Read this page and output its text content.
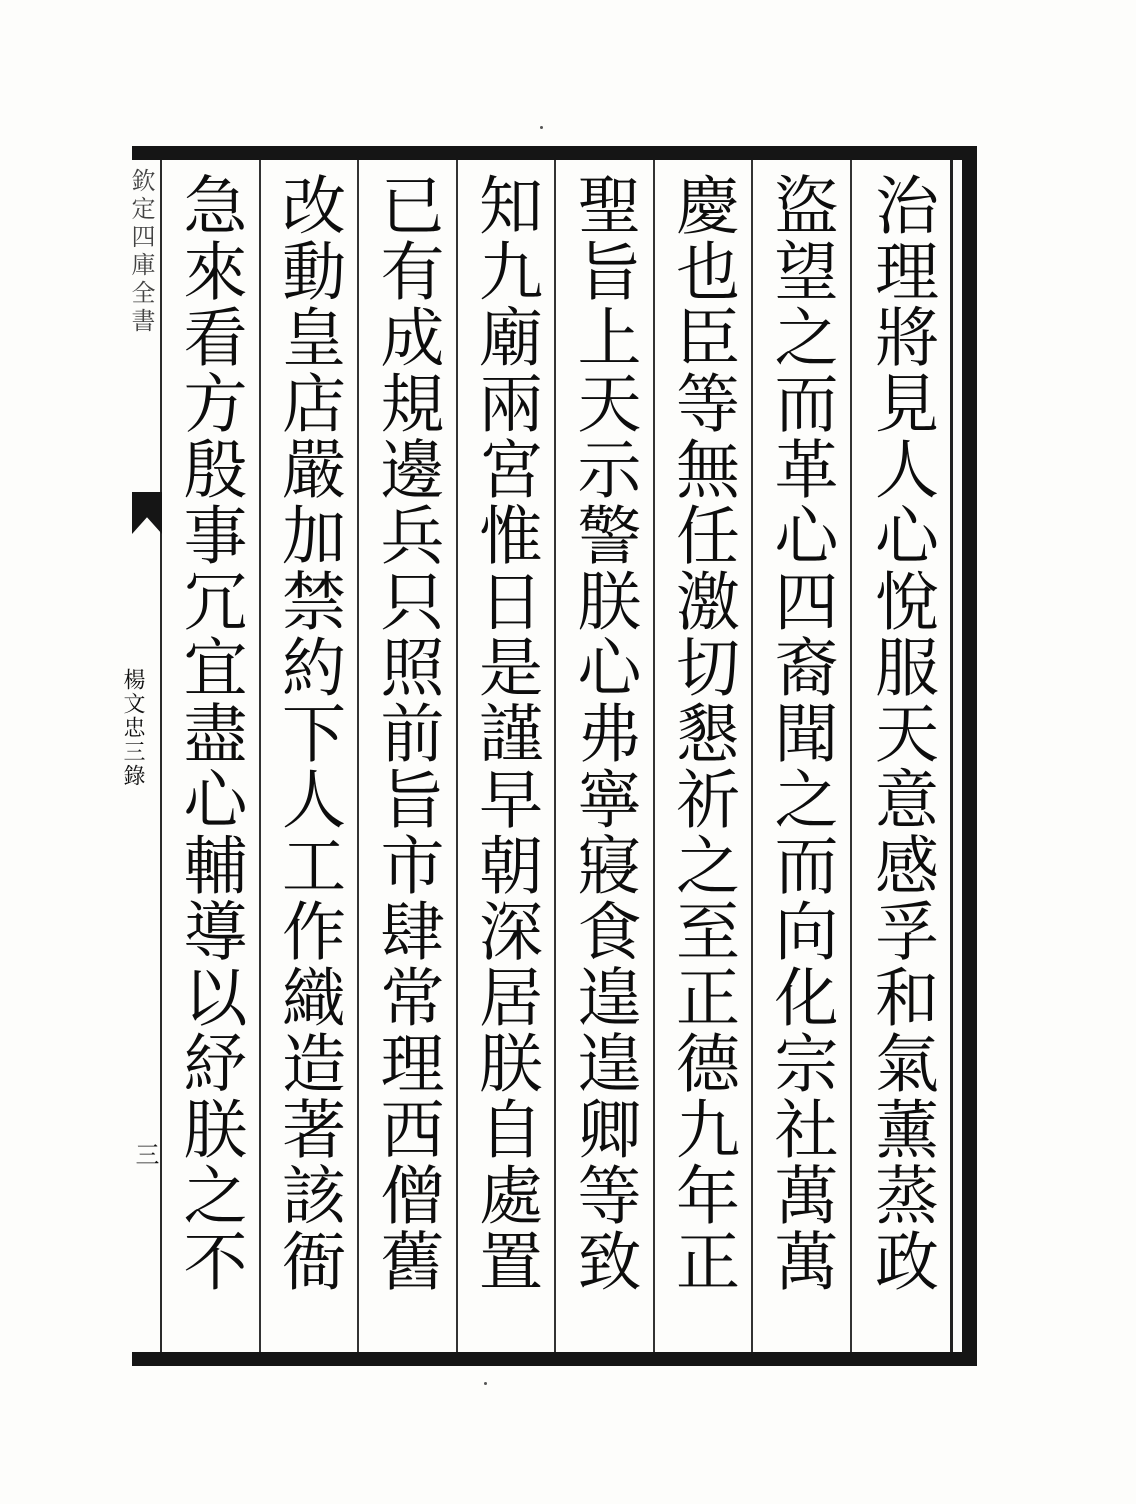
欽定四庫全書
楊文忠三錄
三
治理將見人心悅服天意感孚和氣薰蒸政
盜望之而革心四裔聞之而向化宗社萬萬
慶也臣等無任激切懇祈之至正德九年正
聖旨上天示警朕心弗寧寢食遑遑卿等致
知九廟兩宮惟日是謹早朝深居朕自處置
已有成規邊兵只照前旨市肆常理西僧舊
改動皇店嚴加禁約下人工作織造著該衙
急來看方殷事冗宜盡心輔導以紓朕之不
